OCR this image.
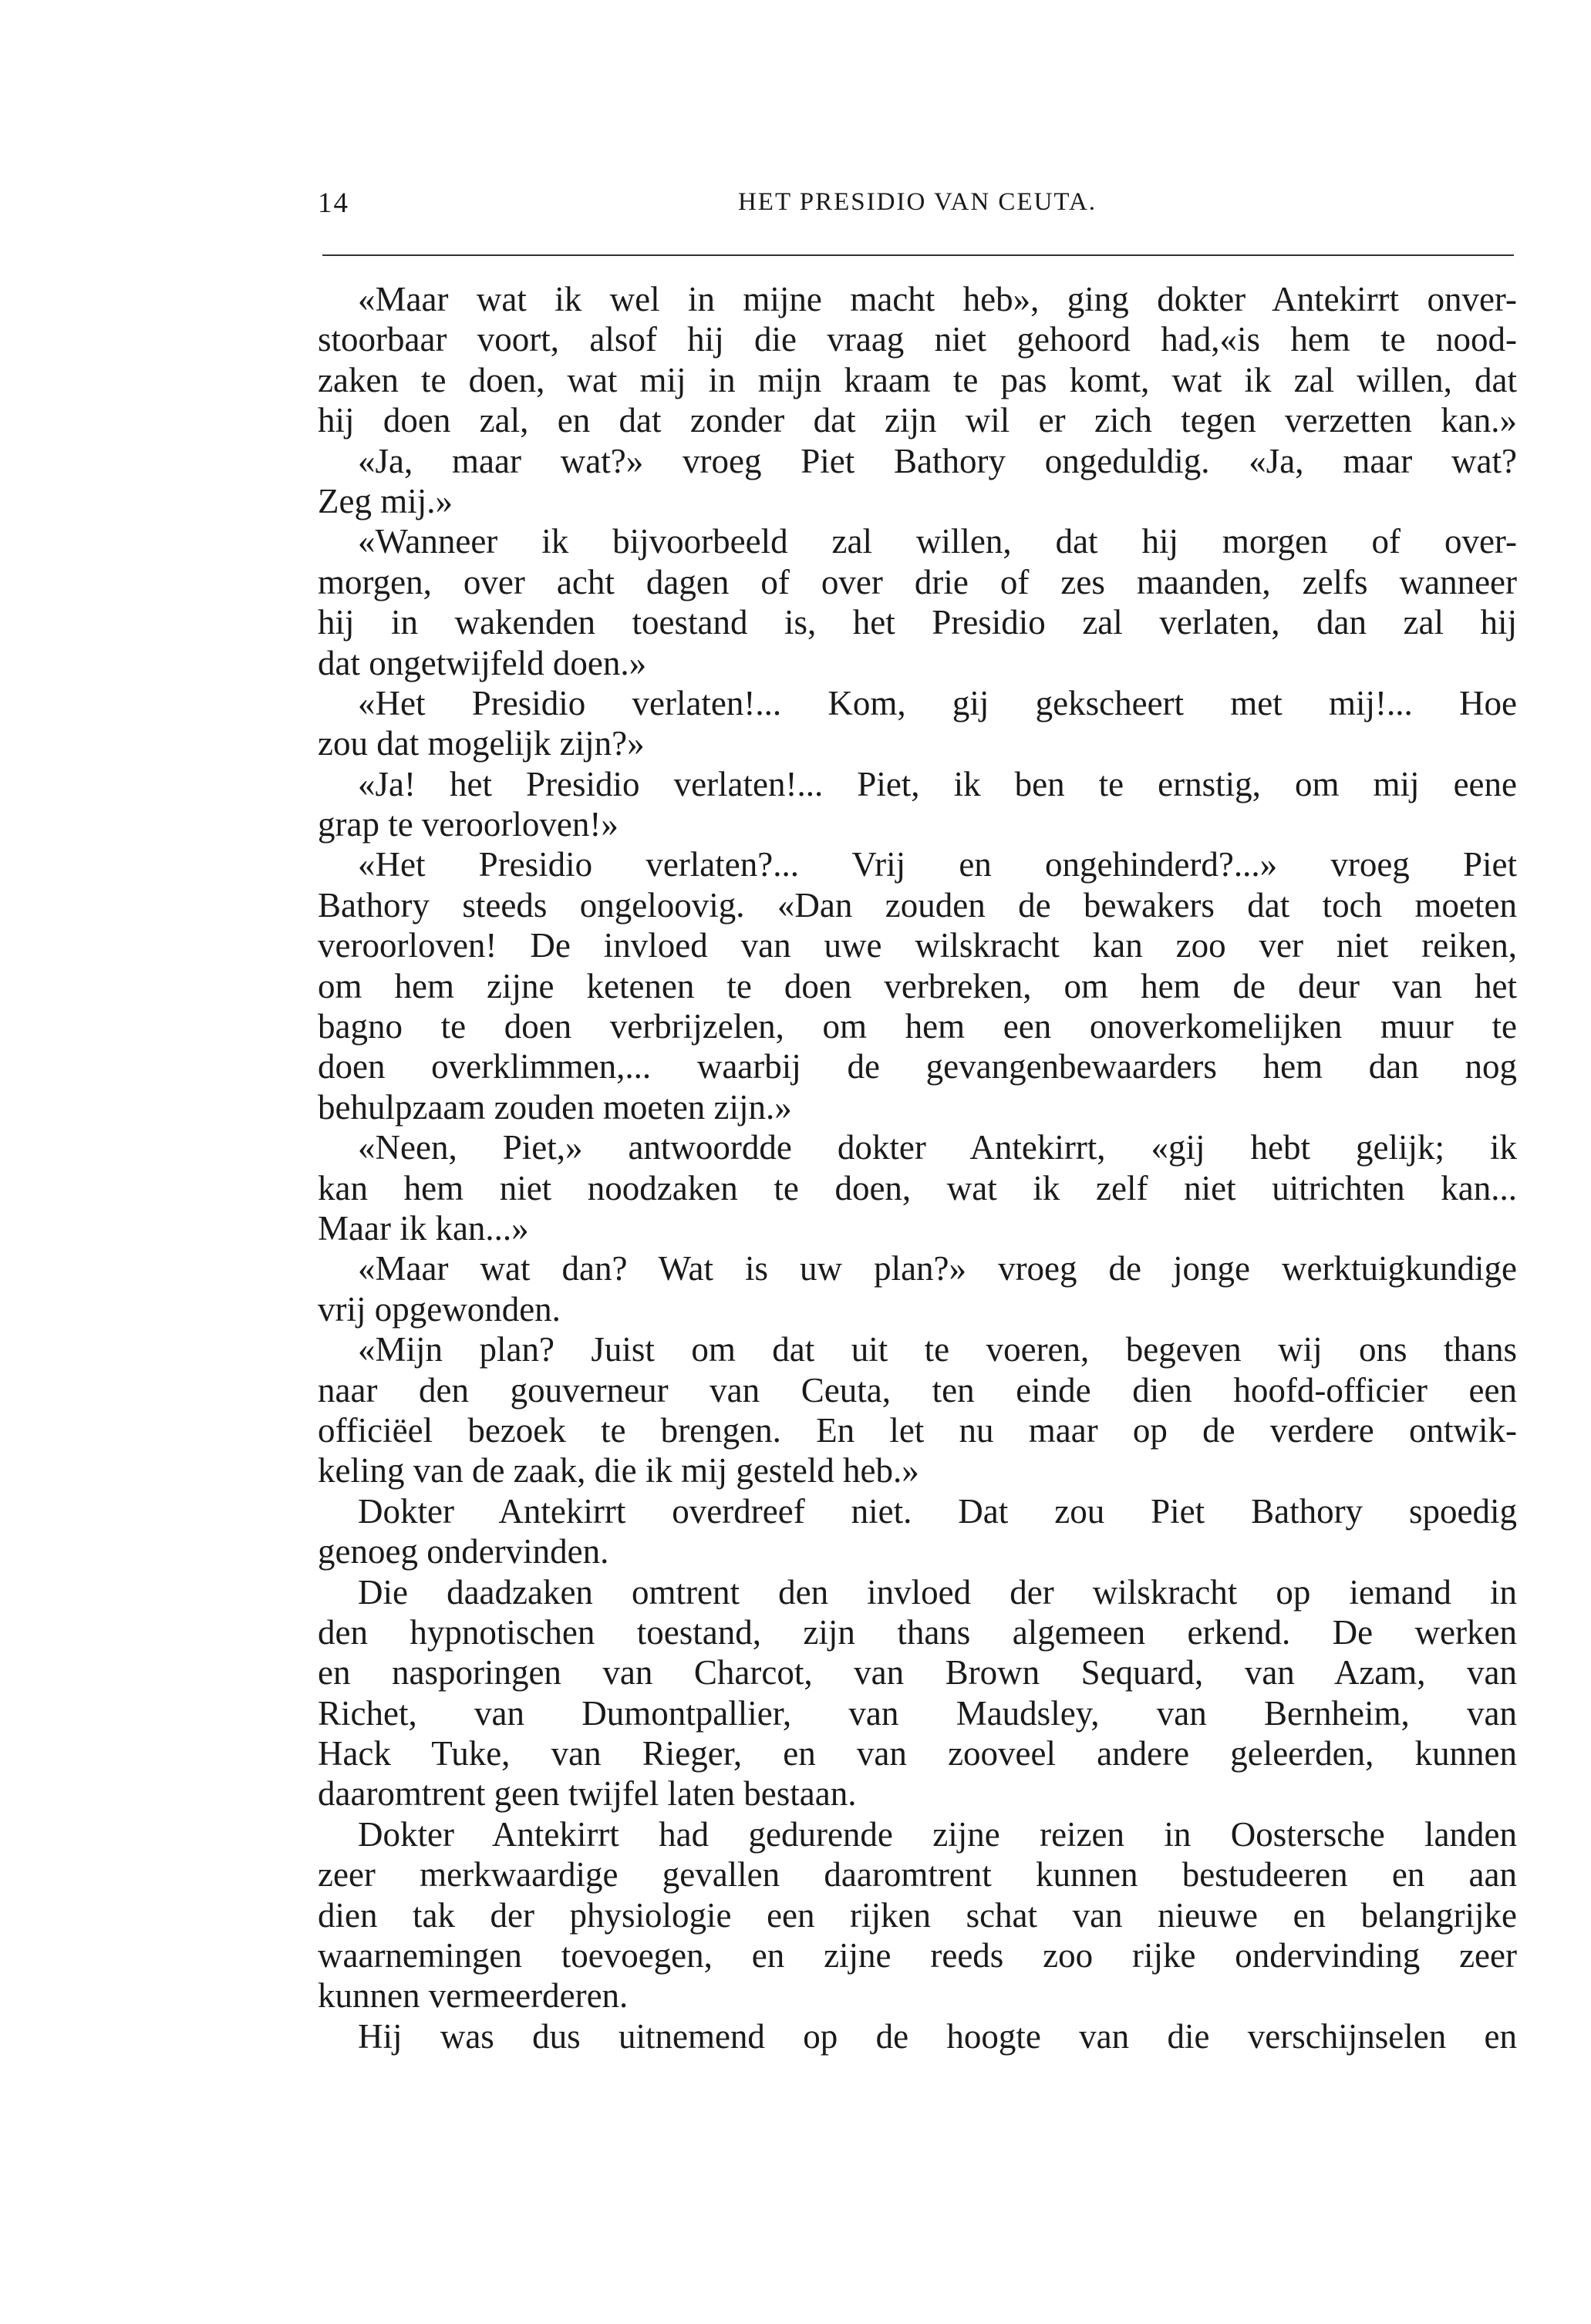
14	HET PRESIDIO VAN CEUTA.
«Maar wat ik wel in mijne macht heb», ging dokter Antekirrt onver-
stoorbaar voort, alsof hij die vraag niet gehoord had,«is hem te nood-
zaken te doen, wat mij in mijn kraam te pas komt, wat ik zal willen, dat
hij doen zal, en dat zonder dat zijn wil er zich tegen verzetten kan.»
«Ja, maar wat?» vroeg Piet Bathory ongeduldig. «Ja, maar wat?
Zeg mij.»
«Wanneer ik bijvoorbeeld zal willen, dat hij morgen of over-
morgen, over acht dagen of over drie of zes maanden, zelfs wanneer
hij in wakenden toestand is, het Presidio zal verlaten, dan zal hij
dat ongetwijfeld doen.»
«Het Presidio verlaten!... Kom, gij gekscheert met mij!... Hoe
zou dat mogelijk zijn?»
«Ja! het Presidio verlaten!... Piet, ik ben te ernstig, om mij eene
grap te veroorloven!»
«Het Presidio verlaten?... Vrij en ongehinderd?...» vroeg Piet
Bathory steeds ongeloovig. «Dan zouden de bewakers dat toch moeten
veroorloven! De invloed van uwe wilskracht kan zoo ver niet reiken,
om hem zijne ketenen te doen verbreken, om hem de deur van het
bagno te doen verbrijzelen, om hem een onoverkomelijken muur te
doen overklimmen,... waarbij de gevangenbewaarders hem dan nog
behulpzaam zouden moeten zijn.»
«Neen, Piet,» antwoordde dokter Antekirrt, «gij hebt gelijk; ik
kan hem niet noodzaken te doen, wat ik zelf niet uitrichten kan...
Maar ik kan...»
«Maar wat dan? Wat is uw plan?» vroeg de jonge werktuigkundige
vrij opgewonden.
«Mijn plan? Juist om dat uit te voeren, begeven wij ons thans
naar den gouverneur van Ceuta, ten einde dien hoofd-officier een
officiëel bezoek te brengen. En let nu maar op de verdere ontwik-
keling van de zaak, die ik mij gesteld heb.»
Dokter Antekirrt overdreef niet. Dat zou Piet Bathory spoedig
genoeg ondervinden.
Die daadzaken omtrent den invloed der wilskracht op iemand in
den hypnotischen toestand, zijn thans algemeen erkend. De werken
en nasporingen van Charcot, van Brown Sequard, van Azam, van
Richet, van Dumontpallier, van Maudsley, van Bernheim, van
Hack Tuke, van Rieger, en van zooveel andere geleerden, kunnen
daaromtrent geen twijfel laten bestaan.
Dokter Antekirrt had gedurende zijne reizen in Oostersche landen
zeer merkwaardige gevallen daaromtrent kunnen bestudeeren en aan
dien tak der physiologie een rijken schat van nieuwe en belangrijke
waarnemingen toevoegen, en zijne reeds zoo rijke ondervinding zeer
kunnen vermeerderen.
Hij was dus uitnemend op de hoogte van die verschijnselen en
